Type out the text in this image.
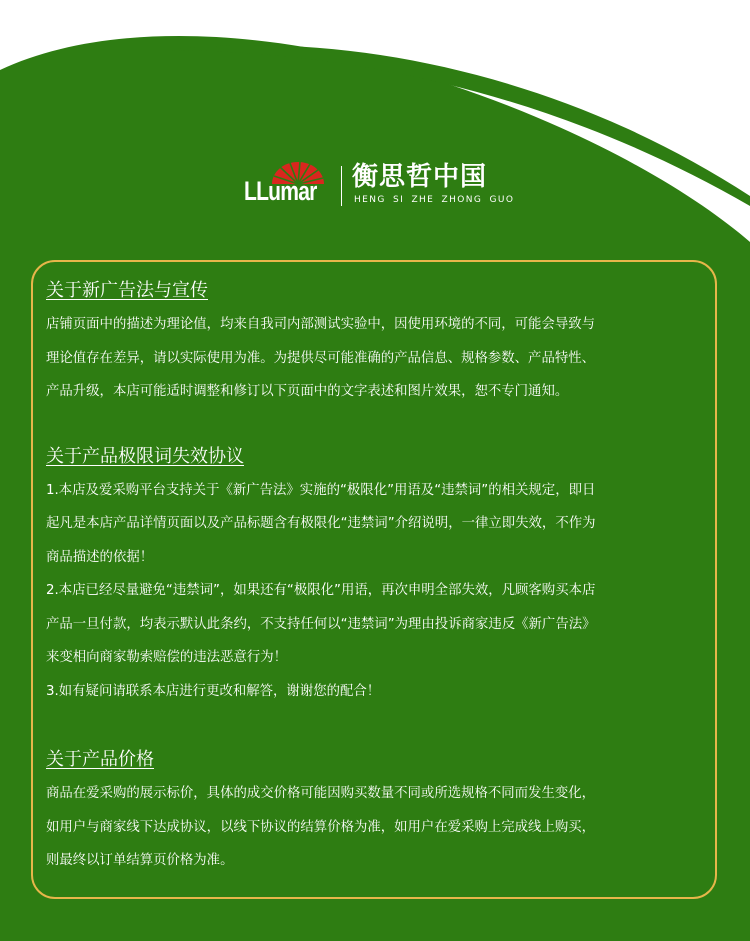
LLumar 衡思哲中国
HENG SI ZHE ZHONG GUO
关于新广告法与宣传
店铺页面中的描述为理论值，均来自我司内部测试实验中，因使用环境的不同，可能会导致与
理论值存在差异，请以实际使用为准。为提供尽可能准确的产品信息、规格参数、产品特性、
产品升级，本店可能适时调整和修订以下页面中的文字表述和图片效果，恕不专门通知。
关于产品极限词失效协议
1.本店及爱采购平台支持关于《新广告法》实施的“极限化”用语及“违禁词”的相关规定，即日
起凡是本店产品详情页面以及产品标题含有极限化“违禁词”介绍说明，一律立即失效，不作为
商品描述的依据！
2.本店已经尽量避免“违禁词”，如果还有“极限化”用语，再次申明全部失效，凡顾客购买本店
产品一旦付款，均表示默认此条约，不支持任何以“违禁词”为理由投诉商家违反《新广告法》
来变相向商家勒索赔偿的违法恶意行为！
3.如有疑问请联系本店进行更改和解答，谢谢您的配合！
关于产品价格
商品在爱采购的展示标价，具体的成交价格可能因购买数量不同或所选规格不同而发生变化，
如用户与商家线下达成协议，以线下协议的结算价格为准，如用户在爱采购上完成线上购买，
则最终以订单结算页价格为准。
